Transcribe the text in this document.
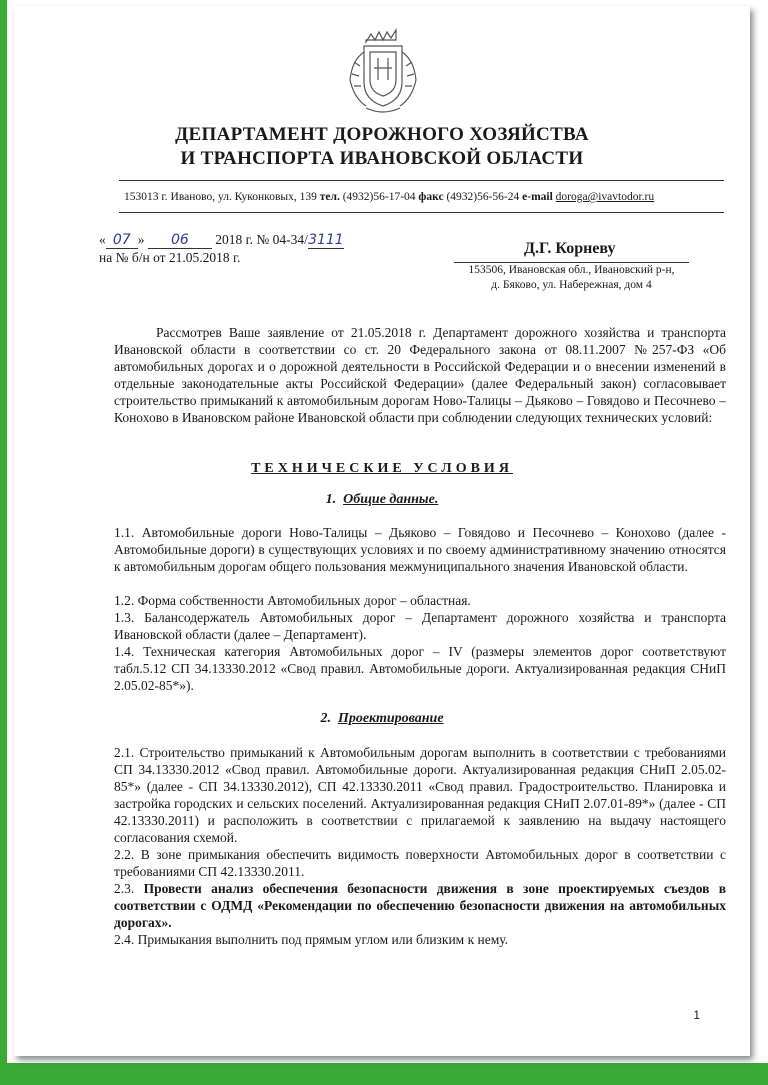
ДЕПАРТАМЕНТ ДОРОЖНОГО ХОЗЯЙСТВА
И ТРАНСПОРТА ИВАНОВСКОЙ ОБЛАСТИ
153013 г. Иваново, ул. Куконковых, 139 тел. (4932)56-17-04 факс (4932)56-56-24 e-mail doroga@ivavtodor.ru
« 07 » 06 2018 г. № 04-34/3111
на № б/н от 21.05.2018 г.
Д.Г. Корневу
153506, Ивановская обл., Ивановский р-н,
д. Бяково, ул. Набережная, дом 4

Рассмотрев Ваше заявление от 21.05.2018 г. Департамент дорожного хозяйства и транспорта Ивановской области в соответствии со ст. 20 Федерального закона от 08.11.2007 №257-ФЗ «Об автомобильных дорогах и о дорожной деятельности в Российской Федерации и о внесении изменений в отдельные законодательные акты Российской Федерации» (далее Федеральный закон) согласовывает строительство примыканий к автомобильным дорогам Ново-Талицы – Дьяково – Говядово и Песочнево – Конохово в Ивановском районе Ивановской области при соблюдении следующих технических условий:

ТЕХНИЧЕСКИЕ УСЛОВИЯ
1. Общие данные.

1.1. Автомобильные дороги Ново-Талицы – Дьяково – Говядово и Песочнево – Конохово (далее - Автомобильные дороги) в существующих условиях и по своему административному значению относятся к автомобильным дорогам общего пользования межмуниципального значения Ивановской области.

1.2. Форма собственности Автомобильных дорог – областная.

1.3. Балансодержатель Автомобильных дорог – Департамент дорожного хозяйства и транспорта Ивановской области (далее – Департамент).

1.4. Техническая категория Автомобильных дорог – IV (размеры элементов дорог соответствуют табл.5.12 СП 34.13330.2012 «Свод правил. Автомобильные дороги. Актуализированная редакция СНиП 2.05.02-85*»).

2. Проектирование

2.1. Строительство примыканий к Автомобильным дорогам выполнить в соответствии с требованиями СП 34.13330.2012 «Свод правил. Автомобильные дороги. Актуализированная редакция СНиП 2.05.02-85*» (далее - СП 34.13330.2012), СП 42.13330.2011 «Свод правил. Градостроительство. Планировка и застройка городских и сельских поселений. Актуализированная редакция СНиП 2.07.01-89*» (далее - СП 42.13330.2011) и расположить в соответствии с прилагаемой к заявлению на выдачу настоящего согласования схемой.

2.2. В зоне примыкания обеспечить видимость поверхности Автомобильных дорог в соответствии с требованиями СП 42.13330.2011.

2.3. Провести анализ обеспечения безопасности движения в зоне проектируемых съездов в соответствии с ОДМД «Рекомендации по обеспечению безопасности движения на автомобильных дорогах».

2.4. Примыкания выполнить под прямым углом или близким к нему.

1
